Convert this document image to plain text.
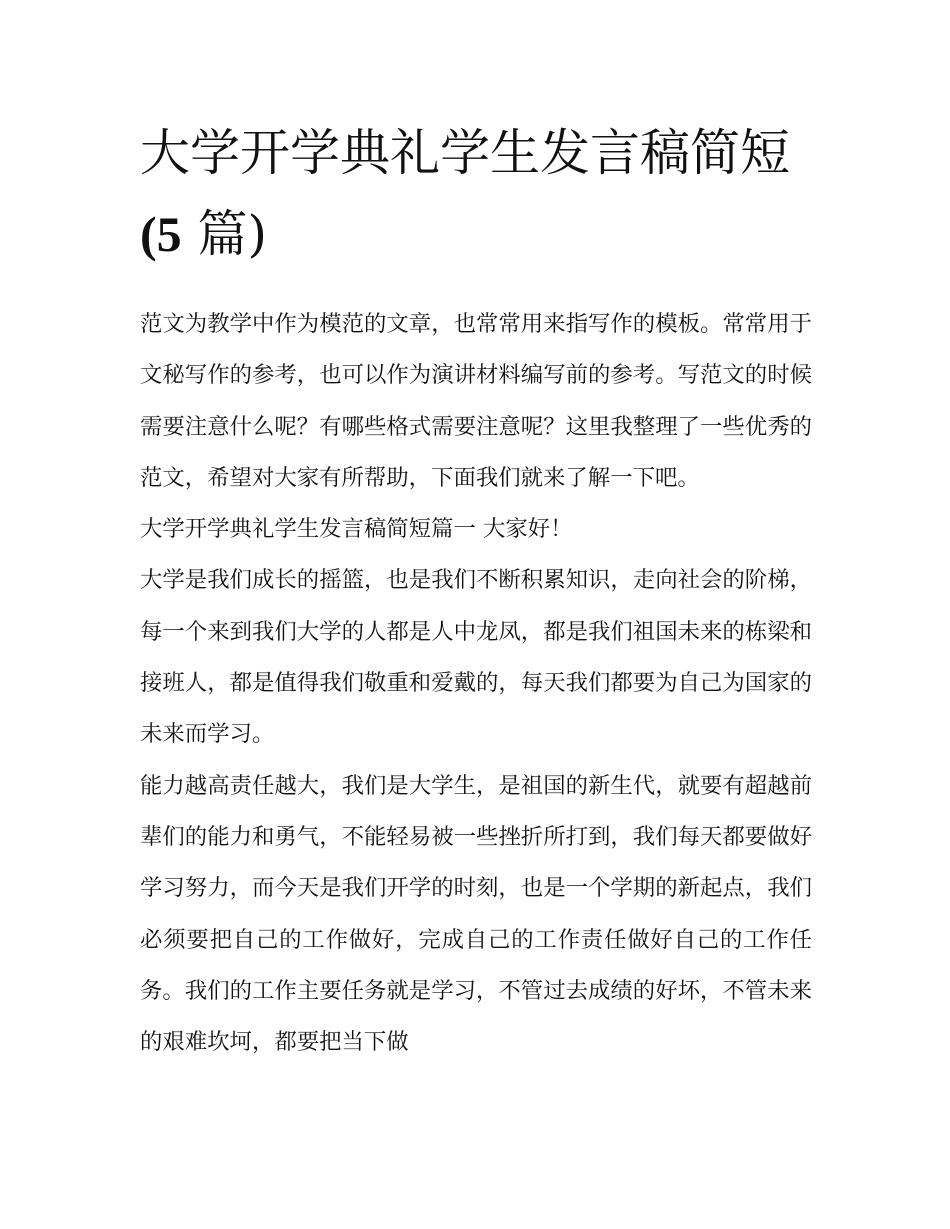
大学开学典礼学生发言稿简短
(5 篇)

范文为教学中作为模范的文章，也常常用来指写作的模板。常常用于文秘写作的参考，也可以作为演讲材料编写前的参考。写范文的时候需要注意什么呢？有哪些格式需要注意呢？这里我整理了一些优秀的范文，希望对大家有所帮助，下面我们就来了解一下吧。

大学开学典礼学生发言稿简短篇一 大家好！

大学是我们成长的摇篮，也是我们不断积累知识，走向社会的阶梯，每一个来到我们大学的人都是人中龙凤，都是我们祖国未来的栋梁和接班人，都是值得我们敬重和爱戴的，每天我们都要为自己为国家的未来而学习。

能力越高责任越大，我们是大学生，是祖国的新生代，就要有超越前辈们的能力和勇气，不能轻易被一些挫折所打到，我们每天都要做好学习努力，而今天是我们开学的时刻，也是一个学期的新起点，我们必须要把自己的工作做好，完成自己的工作责任做好自己的工作任务。我们的工作主要任务就是学习，不管过去成绩的好坏，不管未来的艰难坎坷，都要把当下做
